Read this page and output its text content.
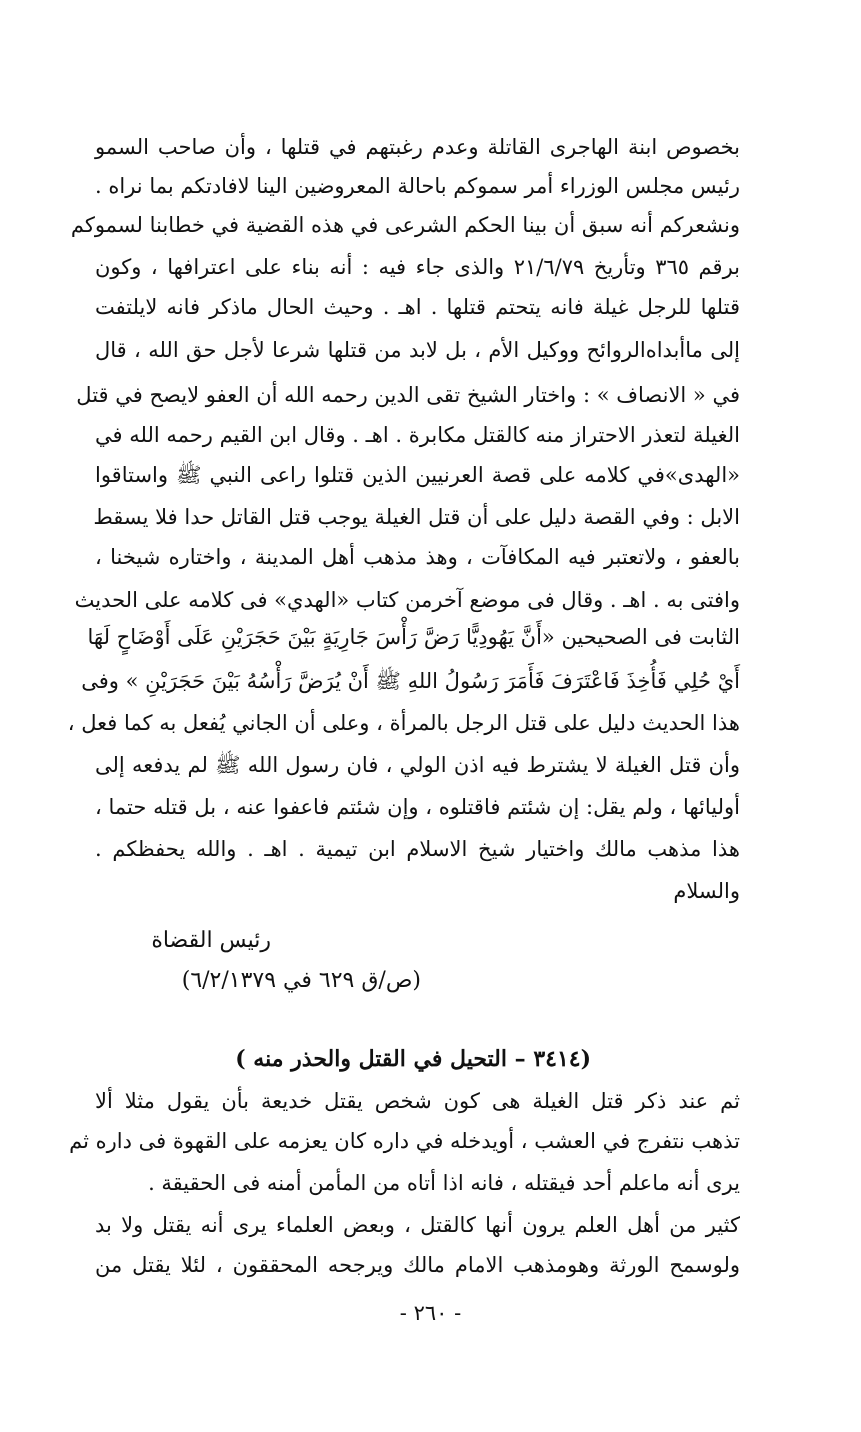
بخصوص ابنة الهاجرى القاتلة وعدم رغبتهم في قتلها ، وأن صاحب السمو
رئيس مجلس الوزراء أمر سموكم باحالة المعروضين الينا لافادتكم بما نراه .
ونشعركم أنه سبق أن بينا الحكم الشرعى في هذه القضية في خطابنا لسموكم
برقم ٣٦٥ وتأريخ ٢١/٦/٧٩ والذى جاء فيه : أنه بناء على اعترافها ، وكون
قتلها للرجل غيلة فانه يتحتم قتلها . اهـ . وحيث الحال ماذكر فانه لايلتفت
إلى ماأبداه‌الروائح ووكيل الأم ، بل لابد من قتلها شرعا لأجل حق الله ، قال
في « الانصاف » : واختار الشيخ تقى الدين رحمه الله أن العفو لايصح في قتل
الغيلة لتعذر الاحتراز منه كالقتل مكابرة . اهـ . وقال ابن القيم رحمه الله في
«الهدى»في كلامه على قصة العرنيين الذين قتلوا راعى النبي ﷺ واستاقوا
الابل : وفي القصة دليل على أن قتل الغيلة يوجب قتل القاتل حدا فلا يسقط
بالعفو ، ولاتعتبر فيه المكافآت ، وهذ مذهب أهل المدينة ، واختاره شيخنا ،
وافتى به . اهـ . وقال فى موضع آخرمن كتاب «الهدي» فى كلامه على الحديث
الثابت فى الصحيحين «أَنَّ يَهُودِيًّا رَضَّ رَأْسَ جَارِيَةٍ بَيْنَ حَجَرَيْنِ عَلَى أَوْضَاحٍ لَهَا
أَيْ حُلِي فَأُخِذَ فَاعْتَرَفَ فَأَمَرَ رَسُولُ اللهِ ﷺ أَنْ يُرَضَّ رَأْسُهُ بَيْنَ حَجَرَيْنِ » وفى
هذا الحديث دليل على قتل الرجل بالمرأة ، وعلى أن الجاني يُفعل به كما فعل ،
وأن قتل الغيلة لا يشترط فيه اذن الولي ، فان رسول الله ﷺ لم يدفعه إلى
أوليائها ، ولم يقل: إن شئتم فاقتلوه ، وإن شئتم فاعفوا عنه ، بل قتله حتما ،
هذا مذهب مالك واختيار شيخ الاسلام ابن تيمية . اهـ . والله يحفظكم .
والسلام
رئيس القضاة
(ص/ق ٦٢٩ في ٦/٢/١٣٧٩)
(٣٤١٤ – التحيل في القتل والحذر منه )
ثم عند ذكر قتل الغيلة هى كون شخص يقتل خديعة بأن يقول مثلا ألا
تذهب نتفرج في العشب ، أويدخله في داره كان يعزمه على القهوة فى داره ثم
يرى أنه ماعلم أحد فيقتله ، فانه اذا أتاه من المأمن أمنه فى الحقيقة .
كثير من أهل العلم يرون أنها كالقتل ، وبعض العلماء يرى أنه يقتل ولا بد
ولوسمح الورثة وهومذهب الامام مالك ويرجحه المحققون ، لئلا يقتل من
- ٢٦٠ -
